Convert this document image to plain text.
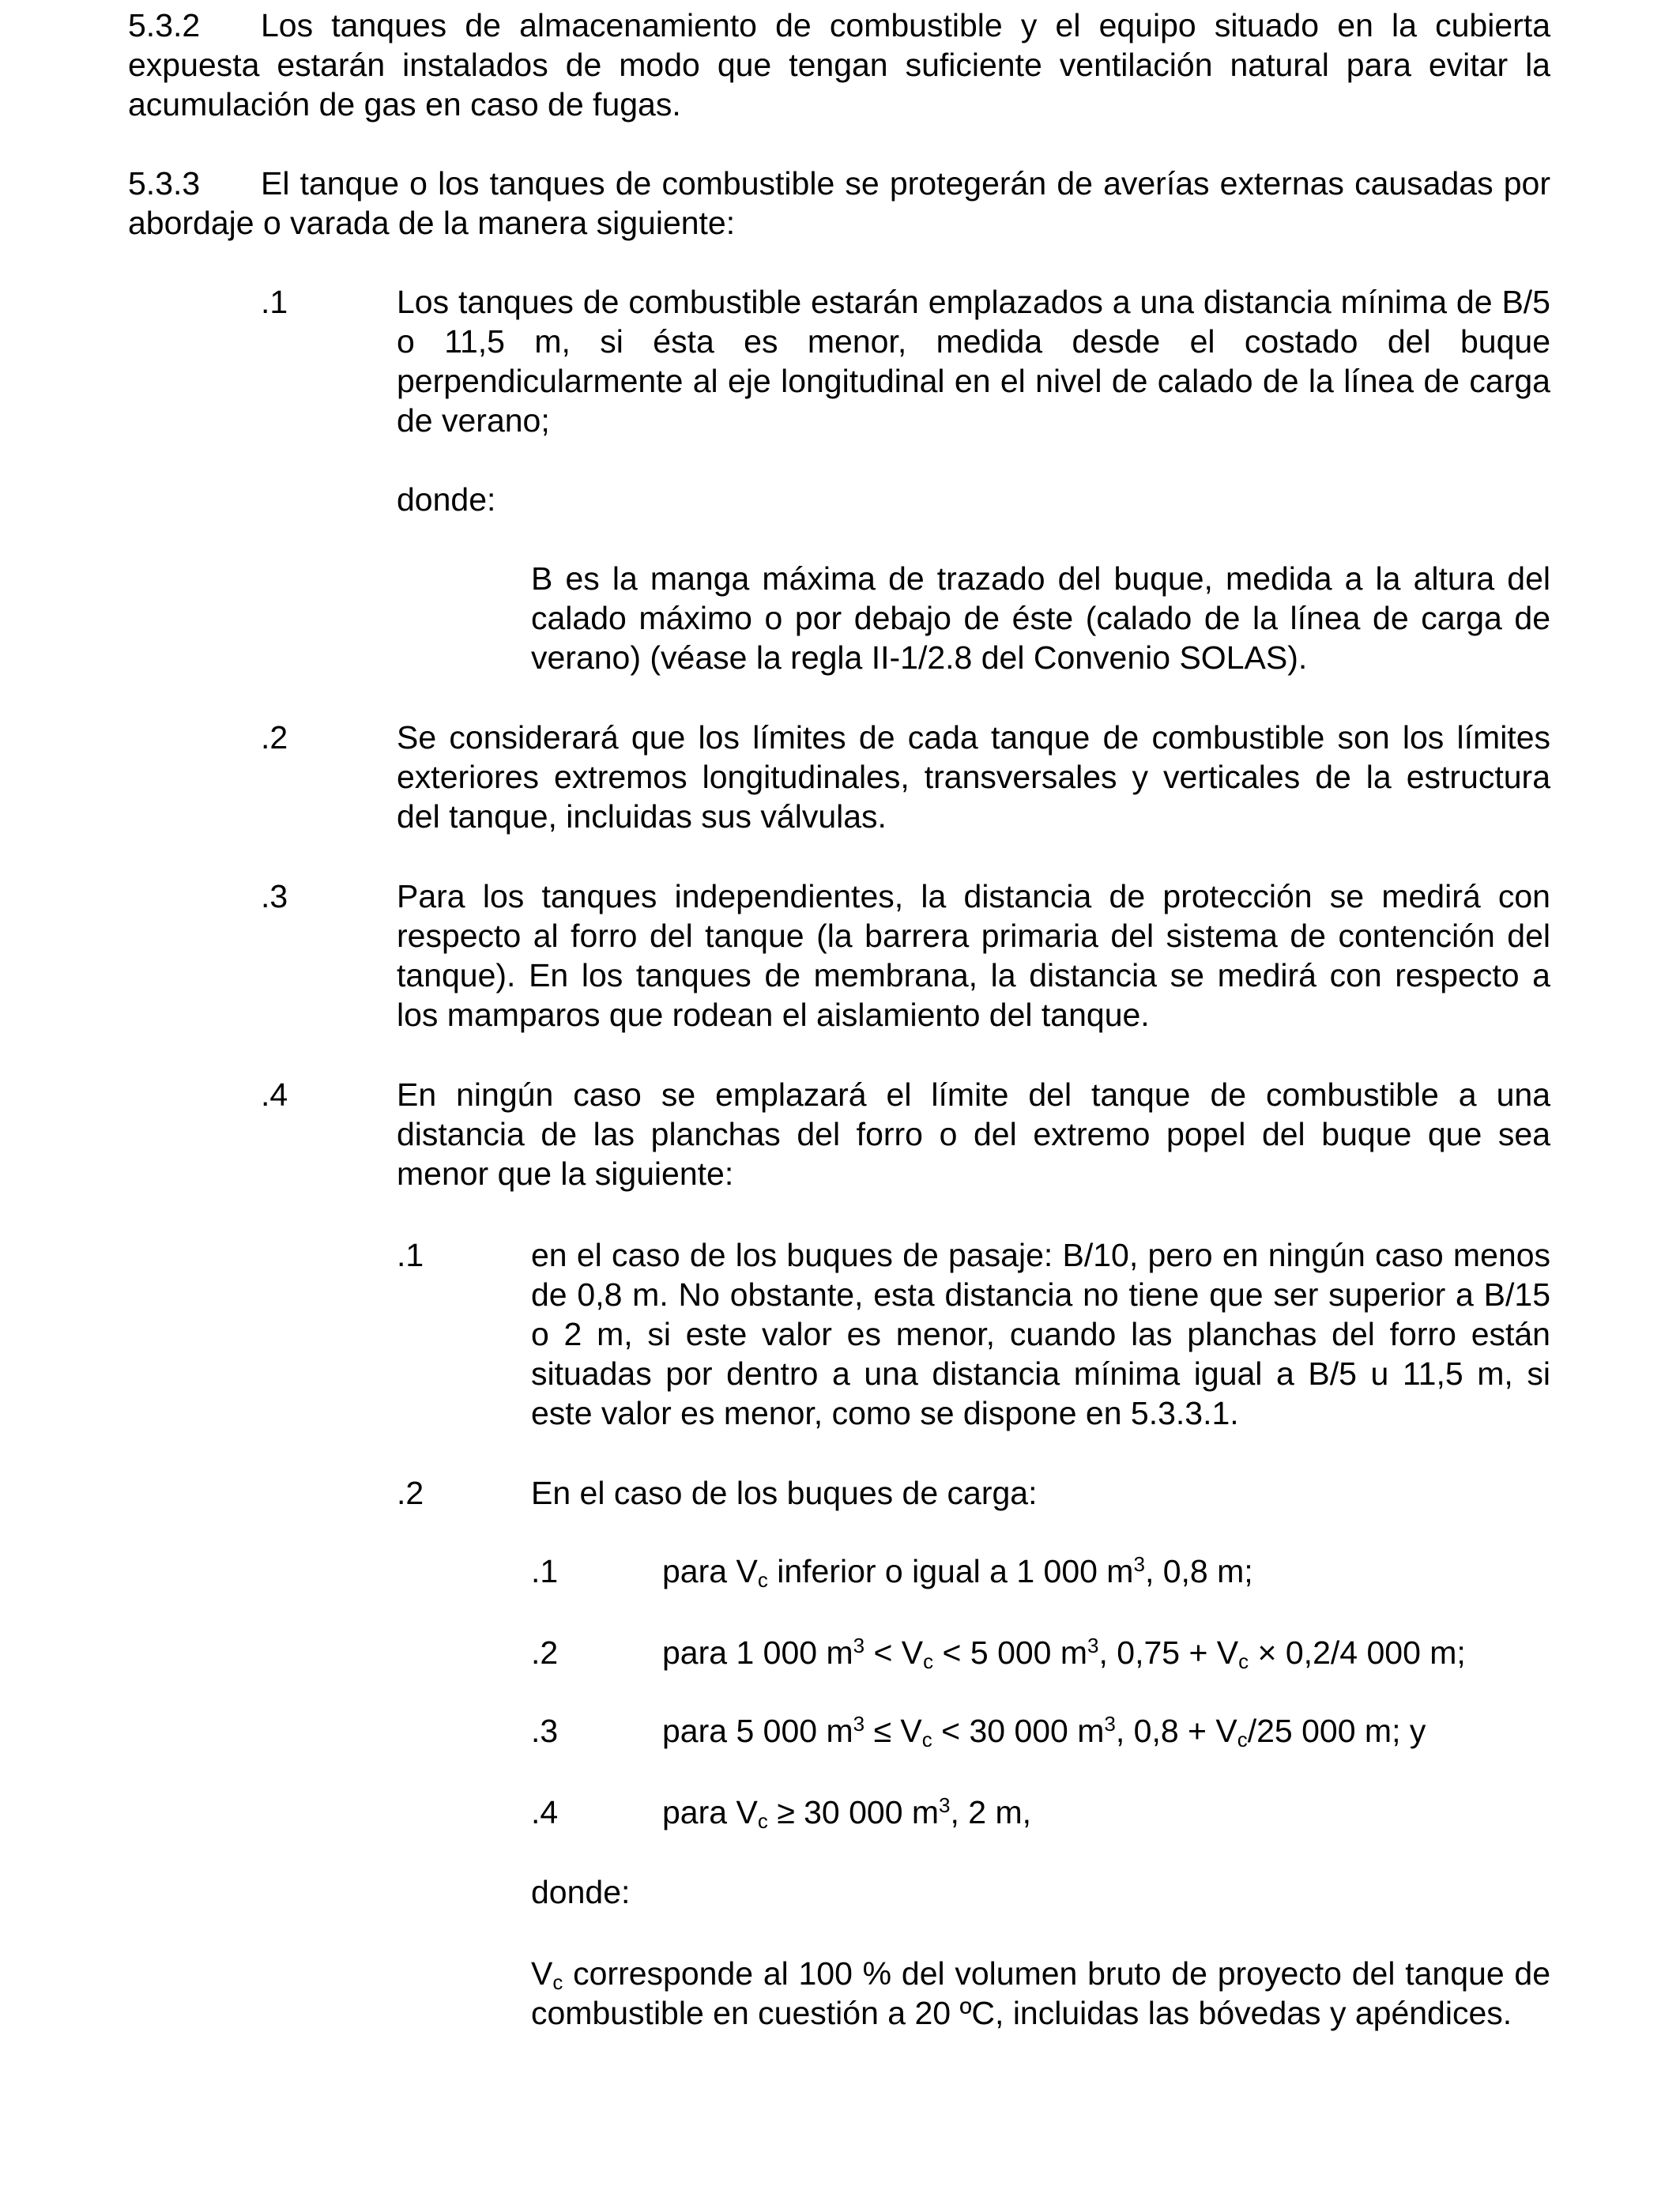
5.3.2 Los tanques de almacenamiento de combustible y el equipo situado en la cubierta expuesta estarán instalados de modo que tengan suficiente ventilación natural para evitar la acumulación de gas en caso de fugas.
5.3.3 El tanque o los tanques de combustible se protegerán de averías externas causadas por abordaje o varada de la manera siguiente:
.1	Los tanques de combustible estarán emplazados a una distancia mínima de B/5 o 11,5 m, si ésta es menor, medida desde el costado del buque perpendicularmente al eje longitudinal en el nivel de calado de la línea de carga de verano;
donde:
B es la manga máxima de trazado del buque, medida a la altura del calado máximo o por debajo de éste (calado de la línea de carga de verano) (véase la regla II-1/2.8 del Convenio SOLAS).
.2	Se considerará que los límites de cada tanque de combustible son los límites exteriores extremos longitudinales, transversales y verticales de la estructura del tanque, incluidas sus válvulas.
.3	Para los tanques independientes, la distancia de protección se medirá con respecto al forro del tanque (la barrera primaria del sistema de contención del tanque). En los tanques de membrana, la distancia se medirá con respecto a los mamparos que rodean el aislamiento del tanque.
.4	En ningún caso se emplazará el límite del tanque de combustible a una distancia de las planchas del forro o del extremo popel del buque que sea menor que la siguiente:
.1	en el caso de los buques de pasaje: B/10, pero en ningún caso menos de 0,8 m. No obstante, esta distancia no tiene que ser superior a B/15 o 2 m, si este valor es menor, cuando las planchas del forro están situadas por dentro a una distancia mínima igual a B/5 u 11,5 m, si este valor es menor, como se dispone en 5.3.3.1.
.2	En el caso de los buques de carga:
.1	para $V_c$ inferior o igual a 1 000 $m^3$, 0,8 m;
.2	para 1 000 $m^3 < V_c < 5$ 000 $m^3$, $0,75 + V_c \times 0,2/4$ 000 m;
.3	para 5 000 $m^3 \le V_c < 30$ 000 $m^3$, $0,8 + V_c/25$ 000 m; y
.4	para $V_c \ge 30$ 000 $m^3$, 2 m,
donde:
$V_c$ corresponde al 100 % del volumen bruto de proyecto del tanque de combustible en cuestión a 20 ºC, incluidas las bóvedas y apéndices.
